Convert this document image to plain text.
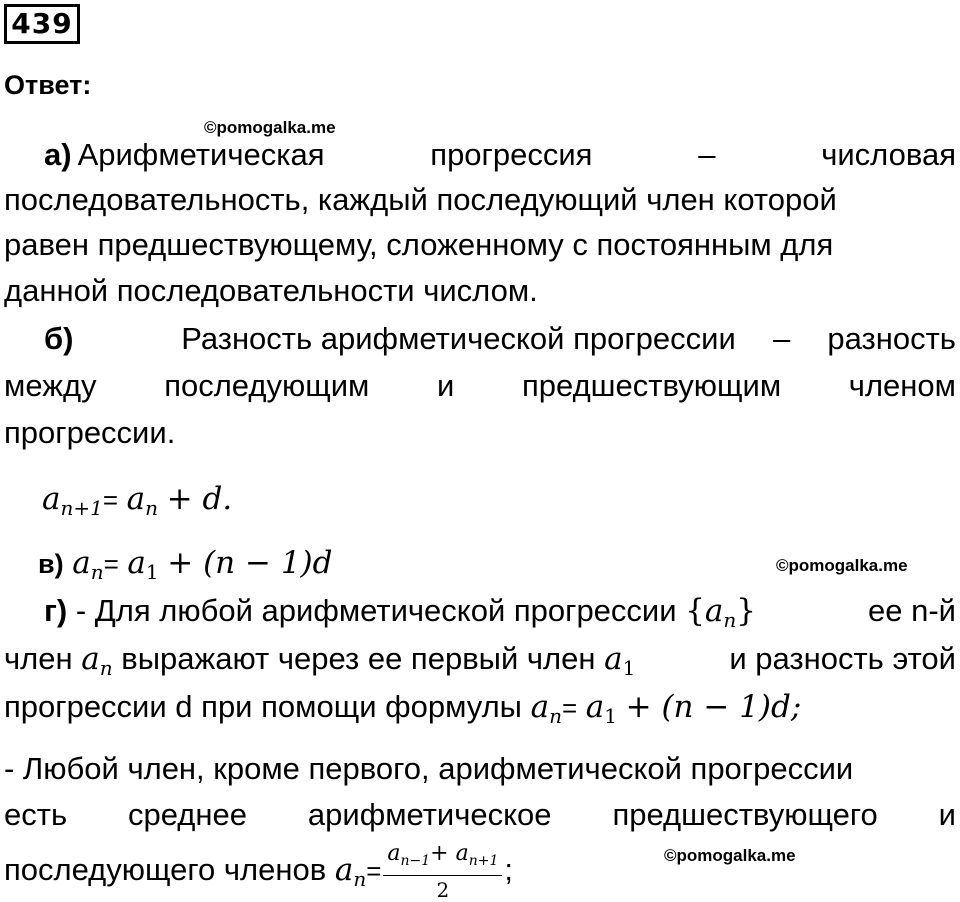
439
Ответ:
©pomogalka.me
а) Арифметическая	прогрессия	–	числовая
последовательность, каждый последующий член которой
равен предшествующему, сложенному с постоянным для
данной последовательности числом.
б)	Разность арифметической прогрессии – разность
между последующим и предшествующим членом
прогрессии.
$a_{n+1}= a_n + d$.
в) $a_n= a_1 + (n - 1)d$	©pomogalka.me
г) - Для любой арифметической прогрессии $\{a_n\}$	ее n-й
член $a_n$ выражают через ее первый член $a_1$	и разность этой
прогрессии d при помощи формулы $a_n= a_1 + (n - 1)d$;
- Любой член, кроме первого, арифметической прогрессии
есть среднее арифметическое предшествующего и
последующего членов $a_n= \frac{a_{n-1}+ a_{n+1}}{2}$ ;	©pomogalka.me
